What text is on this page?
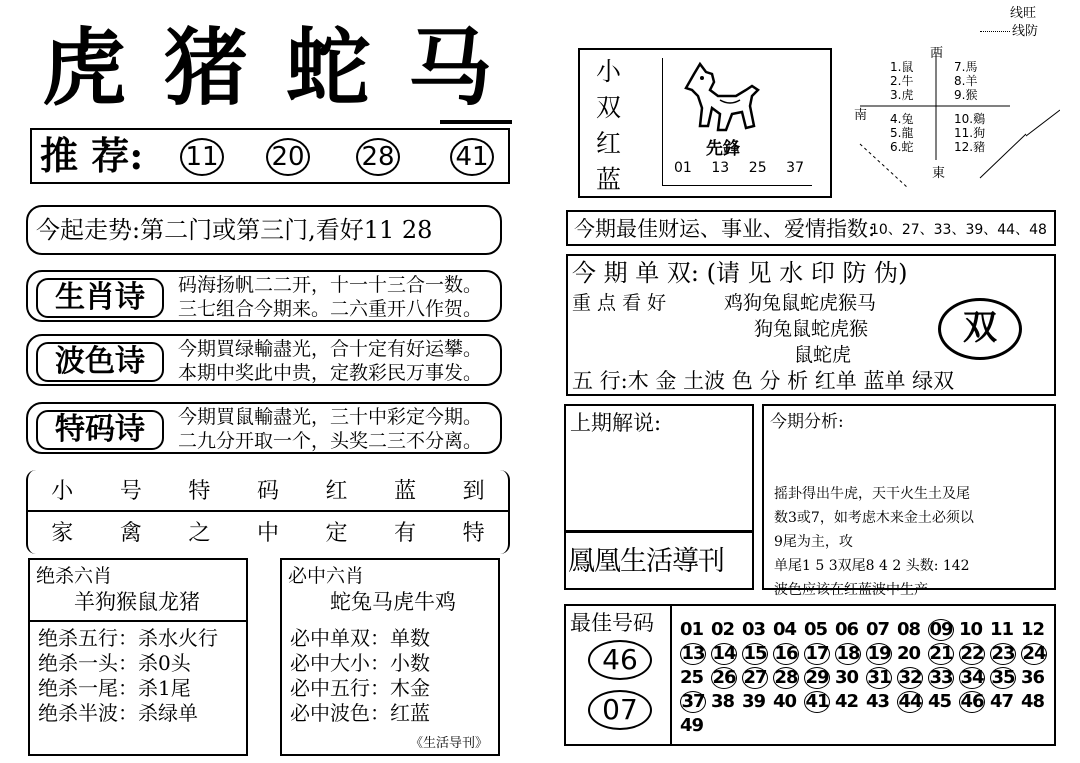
虎猪蛇马
推 荐: 11 20 28 41
今起走势:第二门或第三门,看好11 28
生肖诗	码海扬帆二二开，十一十三合一数。
三七组合今期来。二六重开八作贺。
波色诗	今期買绿輸盡光，合十定有好运攀。
本期中奖此中贵，定教彩民万事发。
特码诗	今期買鼠輸盡光，三十中彩定今期。
二九分开取一个，头奖二三不分离。
小 号 特 码 红 蓝 到
家 禽 之 中 定 有 特
绝杀六肖
羊狗猴鼠龙猪
绝杀五行：杀水火行
绝杀一头：杀0头
绝杀一尾：杀1尾
绝杀半波：杀绿单
必中六肖
蛇兔马虎牛鸡
必中单双：单数
必中大小：小数
必中五行：木金
必中波色：红蓝
《生活导刊》
线旺
线防
小
双
红
蓝
先鋒
01 13 25 37
西
南
東
1.鼠
2.牛
3.虎
4.兔
5.龍
6.蛇
7.馬
8.羊
9.猴
10.鷄
11.狗
12.豬
今期最佳财运、事业、爱情指数:
10、27、33、39、44、48
今 期 单 双: (请 见 水 印 防 伪)
重 点 看 好	鸡狗兔鼠蛇虎猴马
狗兔鼠蛇虎猴
鼠蛇虎
双
五 行:木 金 土波 色 分 析 红单 蓝单 绿双
上期解说:
鳳凰生活導刊
今期分析:
摇卦得出牛虎，天干火生土及尾
数3或7，如考虑木来金土必须以
9尾为主，攻
单尾1 5 3双尾8 4 2 头数: 142
波色应该在红蓝波中生产
最佳号码
46
07
01 02 03 04 05 06 07 08 09 10 11 12
13 14 15 16 17 18 19 20 21 22 23 24
25 26 27 28 29 30 31 32 33 34 35 36
37 38 39 40 41 42 43 44 45 46 47 48
49
